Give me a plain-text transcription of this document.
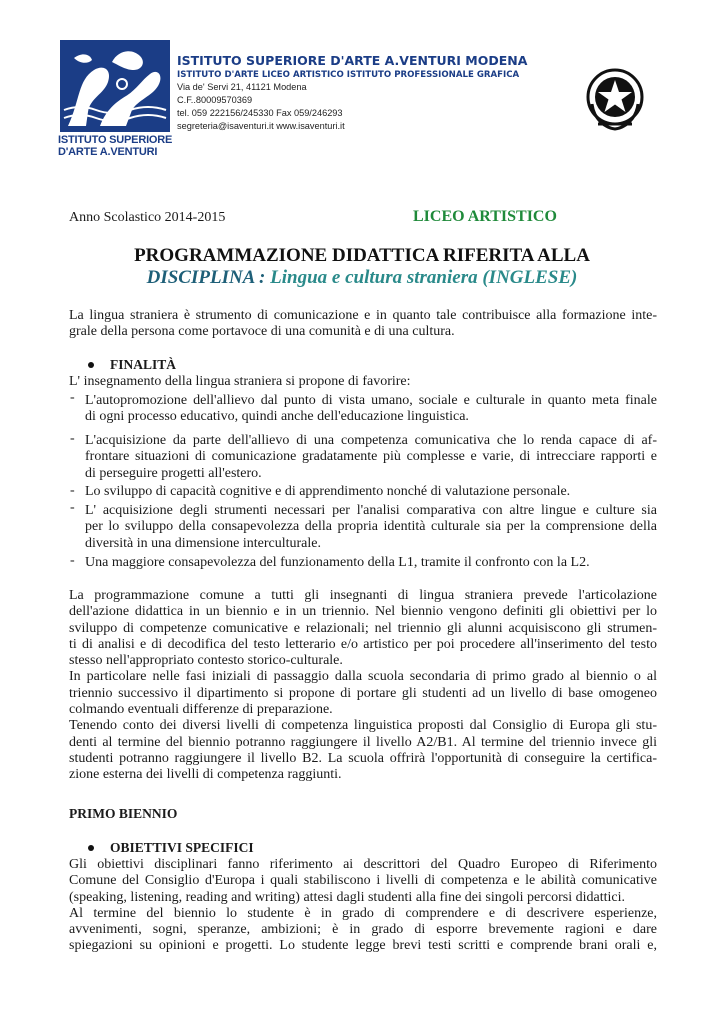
ISTITUTO SUPERIORE
D'ARTE A.VENTURI
ISTITUTO SUPERIORE D'ARTE A.VENTURI MODENA
ISTITUTO D'ARTE LICEO ARTISTICO ISTITUTO PROFESSIONALE GRAFICA
Via de' Servi 21, 41121 Modena
C.F..80009570369
tel. 059 222156/245330 Fax 059/246293
segreteria@isaventuri.it www.isaventuri.it
Anno Scolastico 2014-2015	LICEO ARTISTICO
PROGRAMMAZIONE DIDATTICA RIFERITA ALLA
DISCIPLINA : Lingua e cultura straniera (INGLESE)
La lingua straniera è strumento di comunicazione e in quanto tale contribuisce alla formazione inte-
grale della persona come portavoce di una comunità e di una cultura.
FINALITÀ
L' insegnamento della lingua straniera si propone di favorire:
- L'autopromozione dell'allievo dal punto di vista umano, sociale e culturale in quanto meta finale
di ogni processo educativo, quindi anche dell'educazione linguistica.
- L'acquisizione da parte dell'allievo di una competenza comunicativa che lo renda capace di af-
frontare situazioni di comunicazione gradatamente più complesse e varie, di intrecciare rapporti e
di perseguire progetti all'estero.
- Lo sviluppo di capacità cognitive e di apprendimento nonché di valutazione personale.
- L' acquisizione degli strumenti necessari per l'analisi comparativa con altre lingue e culture sia
per lo sviluppo della consapevolezza della propria identità culturale sia per la comprensione della
diversità in una dimensione interculturale.
- Una maggiore consapevolezza del funzionamento della L1, tramite il confronto con la L2.
La programmazione comune a tutti gli insegnanti di lingua straniera prevede l'articolazione
dell'azione didattica in un biennio e in un triennio. Nel biennio vengono definiti gli obiettivi per lo
sviluppo di competenze comunicative e relazionali; nel triennio gli alunni acquisiscono gli strumen-
ti di analisi e di decodifica del testo letterario e/o artistico per poi procedere all'inserimento del testo
stesso nell'appropriato contesto storico-culturale.
In particolare nelle fasi iniziali di passaggio dalla scuola secondaria di primo grado al biennio o al
triennio successivo il dipartimento si propone di portare gli studenti ad un livello di base omogeneo
colmando eventuali differenze di preparazione.
Tenendo conto dei diversi livelli di competenza linguistica proposti dal Consiglio di Europa gli stu-
denti al termine del biennio potranno raggiungere il livello A2/B1. Al termine del triennio invece gli
studenti potranno raggiungere il livello B2. La scuola offrirà l'opportunità di conseguire la certifica-
zione esterna dei livelli di competenza raggiunti.
PRIMO BIENNIO
OBIETTIVI SPECIFICI
Gli obiettivi disciplinari fanno riferimento ai descrittori del Quadro Europeo di Riferimento
Comune del Consiglio d'Europa i quali stabiliscono i livelli di competenza e le abilità comunicative
(speaking, listening, reading and writing) attesi dagli studenti alla fine dei singoli percorsi didattici.
Al termine del biennio lo studente è in grado di comprendere e di descrivere esperienze,
avvenimenti, sogni, speranze, ambizioni; è in grado di esporre brevemente ragioni e dare
spiegazioni su opinioni e progetti. Lo studente legge brevi testi scritti e comprende brani orali e,
